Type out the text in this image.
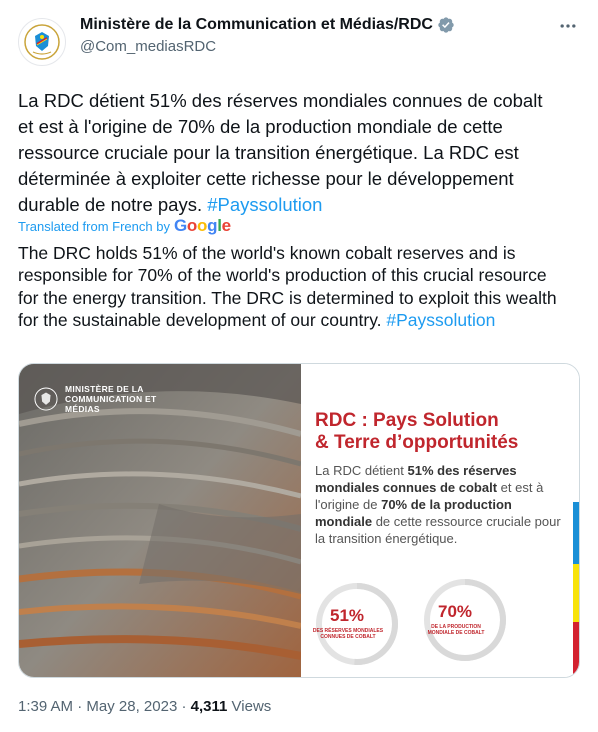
Ministère de la Communication et Médias/RDC
@Com_mediasRDC
La RDC détient 51% des réserves mondiales connues de cobalt et est à l'origine de 70% de la production mondiale de cette ressource cruciale pour la transition énergétique. La RDC est déterminée à exploiter cette richesse pour le développement durable de notre pays. #Payssolution
Translated from French by Google
The DRC holds 51% of the world's known cobalt reserves and is responsible for 70% of the world's production of this crucial resource for the energy transition. The DRC is determined to exploit this wealth for the sustainable development of our country. #Payssolution
MINISTÈRE DE LA COMMUNICATION ET MÉDIAS
RDC : Pays Solution
& Terre d’opportunités
La RDC détient 51% des réserves mondiales connues de cobalt et est à l'origine de 70% de la production mondiale de cette ressource cruciale pour la transition énergétique.
51%
DES RÉSERVES MONDIALES CONNUES DE COBALT
70%
DE LA PRODUCTION MONDIALE DE COBALT
1:39 AM · May 28, 2023 · 4,311 Views
